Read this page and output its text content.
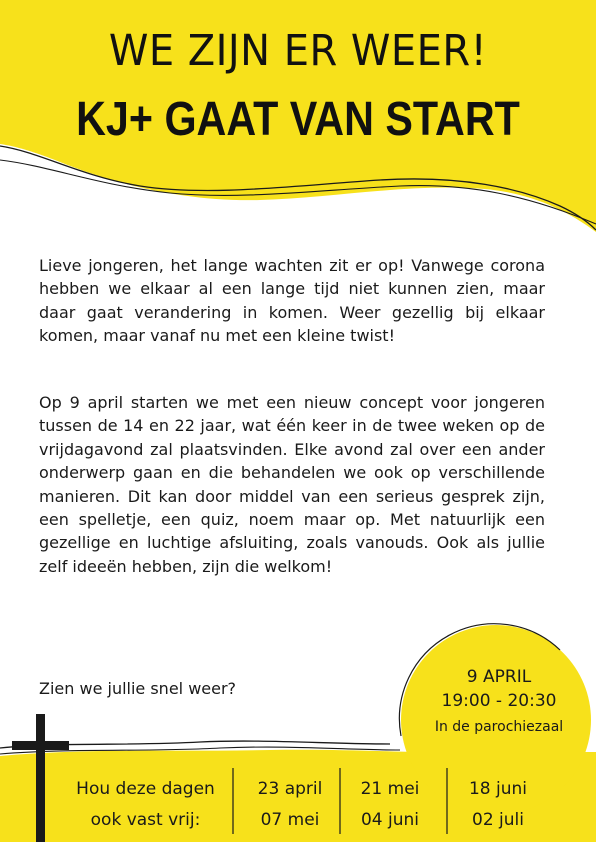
WE ZIJN ER WEER!
KJ+ GAAT VAN START

Lieve jongeren, het lange wachten zit er op! Vanwege corona hebben we elkaar al een lange tijd niet kunnen zien, maar daar gaat verandering in komen. Weer gezellig bij elkaar komen, maar vanaf nu met een kleine twist!

Op 9 april starten we met een nieuw concept voor jongeren tussen de 14 en 22 jaar, wat één keer in de twee weken op de vrijdagavond zal plaatsvinden. Elke avond zal over een ander onderwerp gaan en die behandelen we ook op verschillende manieren. Dit kan door middel van een serieus gesprek zijn, een spelletje, een quiz, noem maar op. Met natuurlijk een gezellige en luchtige afsluiting, zoals vanouds. Ook als jullie zelf ideeën hebben, zijn die welkom!

Zien we jullie snel weer?

9 APRIL
19:00 - 20:30
In de parochiezaal
Hou deze dagen
ook vast vrij:
23 april
07 mei
21 mei
04 juni
18 juni
02 juli
